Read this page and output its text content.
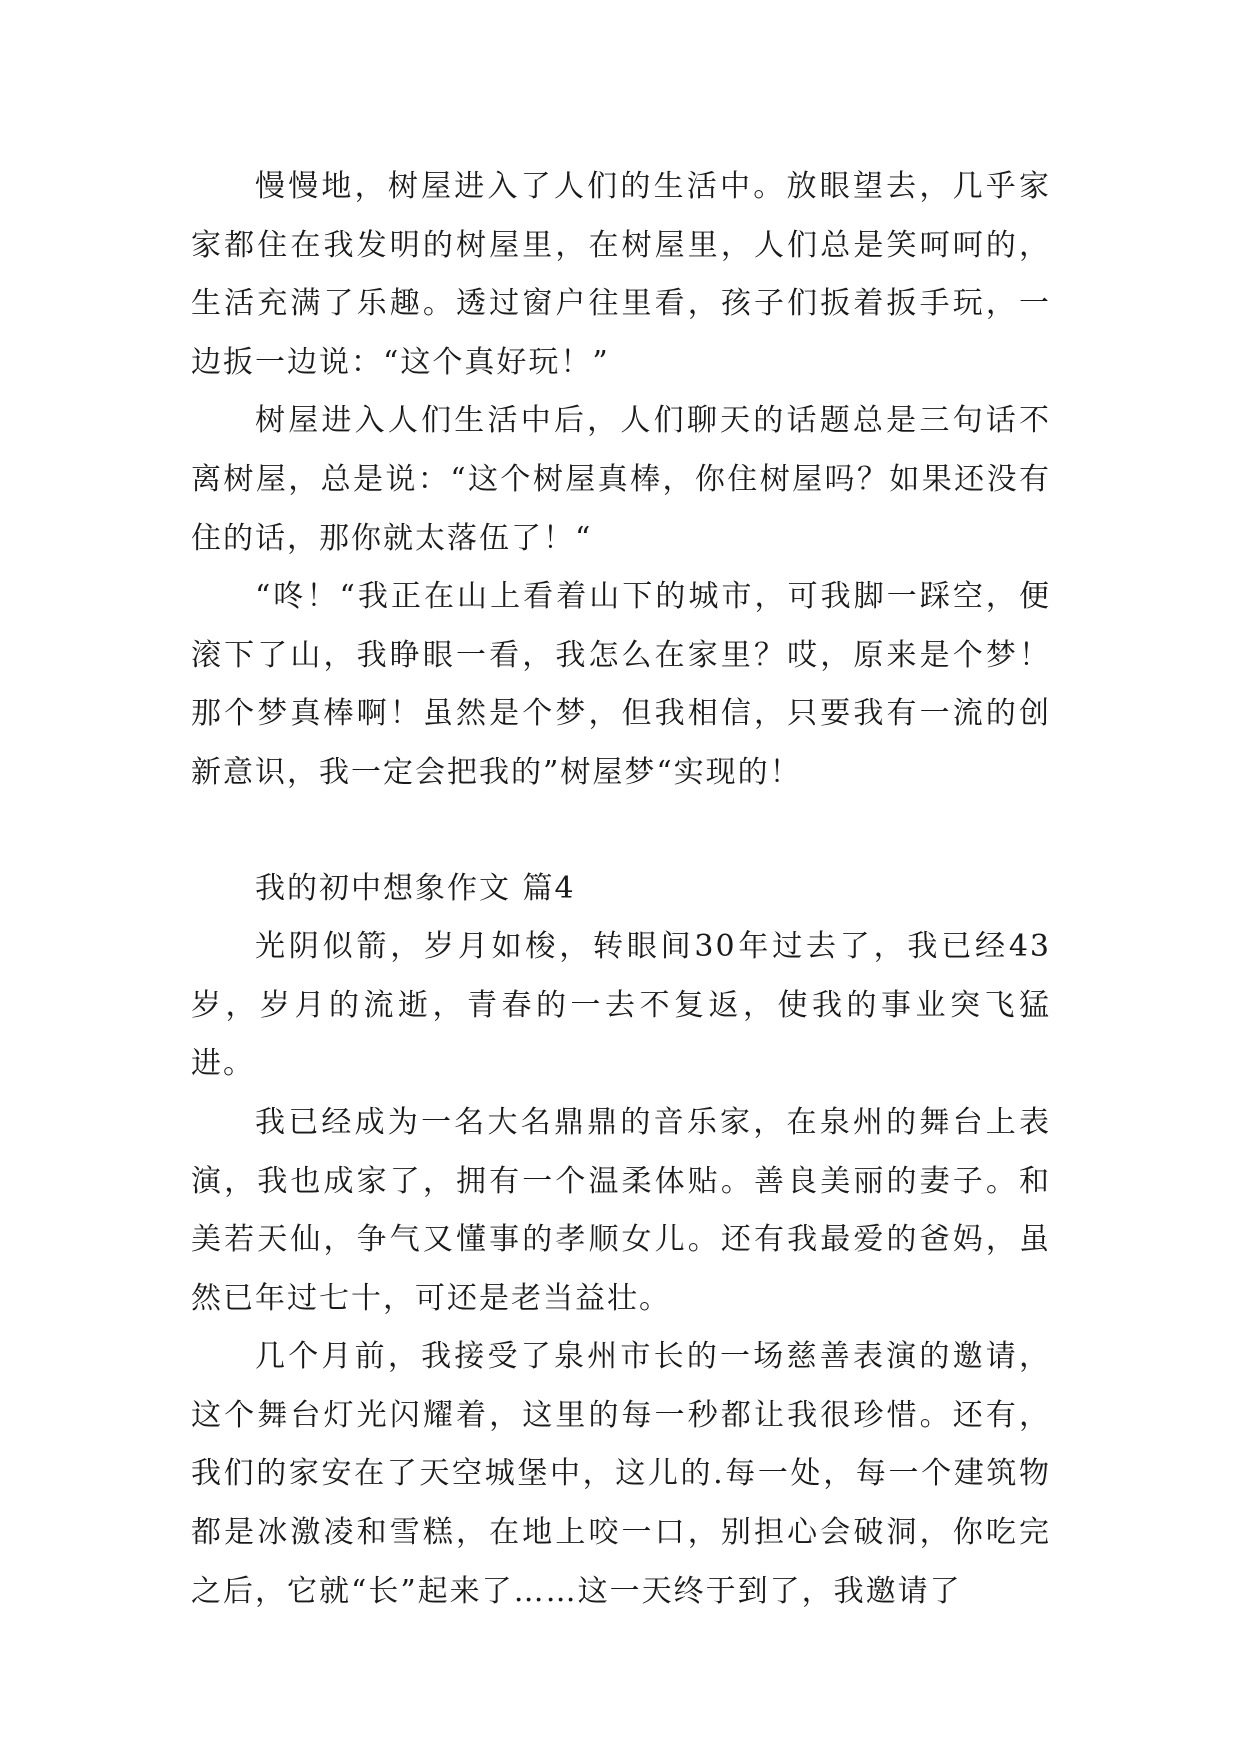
慢慢地，树屋进入了人们的生活中。放眼望去，几乎家家都住在我发明的树屋里，在树屋里，人们总是笑呵呵的，生活充满了乐趣。透过窗户往里看，孩子们扳着扳手玩，一边扳一边说：“这个真好玩！”

树屋进入人们生活中后，人们聊天的话题总是三句话不离树屋，总是说：“这个树屋真棒，你住树屋吗？如果还没有住的话，那你就太落伍了！“

“咚！“我正在山上看着山下的城市，可我脚一踩空，便滚下了山，我睁眼一看，我怎么在家里？哎，原来是个梦！那个梦真棒啊！虽然是个梦，但我相信，只要我有一流的创新意识，我一定会把我的”树屋梦“实现的！

我的初中想象作文 篇4

光阴似箭，岁月如梭，转眼间30年过去了，我已经43岁，岁月的流逝，青春的一去不复返，使我的事业突飞猛进。

我已经成为一名大名鼎鼎的音乐家，在泉州的舞台上表演，我也成家了，拥有一个温柔体贴。善良美丽的妻子。和美若天仙，争气又懂事的孝顺女儿。还有我最爱的爸妈，虽然已年过七十，可还是老当益壮。

几个月前，我接受了泉州市长的一场慈善表演的邀请，这个舞台灯光闪耀着，这里的每一秒都让我很珍惜。还有，我们的家安在了天空城堡中，这儿的.每一处，每一个建筑物都是冰激凌和雪糕，在地上咬一口，别担心会破洞，你吃完之后，它就“长”起来了……这一天终于到了，我邀请了
